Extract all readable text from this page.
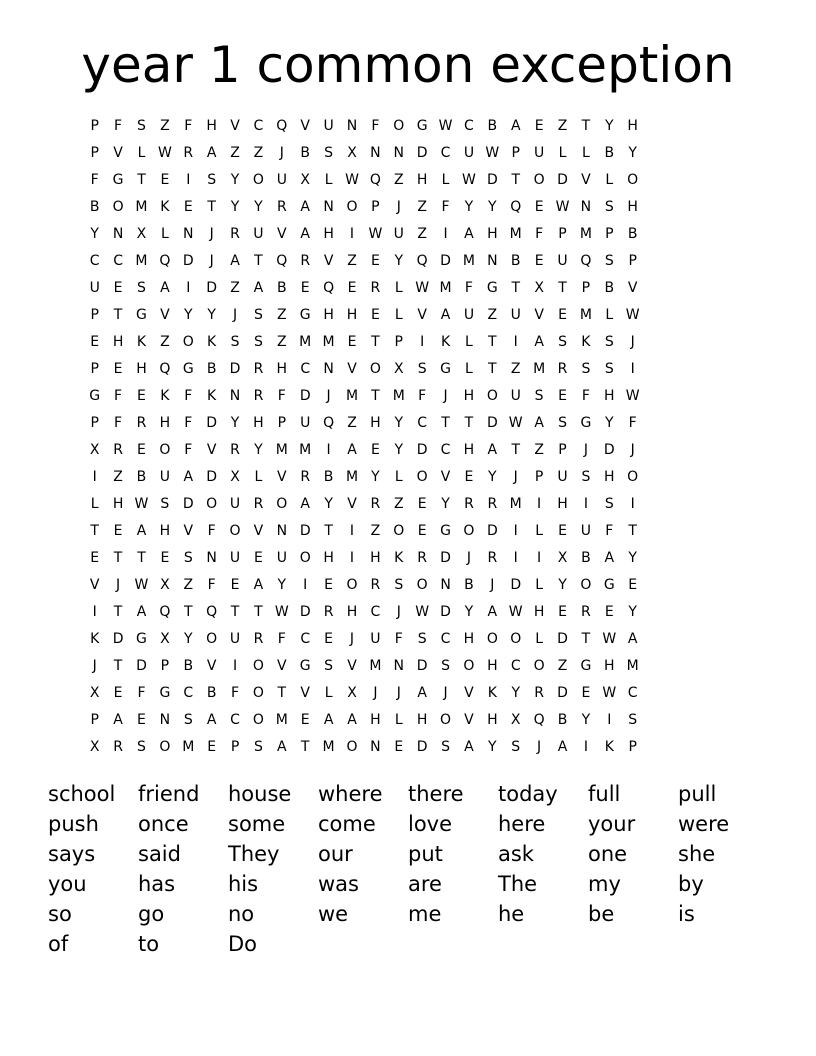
year 1 common exception
P	F	S	Z	F	H V C Q V U N	F O G W C B A	E	Z	T	Y H
P	V	L W R A Z Z	J	B	S	X N N D C U W P	U	L	L	B	Y
F G T	E	I	S	Y O U X	L W Q Z H	L W D T O D V	L O
B O M K	E	T	Y	Y	R A N O P	J	Z	F	Y	Y Q E W N S H
Y N X	L	N	J	R U V A H	I	W U Z	I	A H M F	P M P	B
C C M Q D	J	A	T Q R V Z	E	Y Q D M N B	E U Q S	P
U E	S	A	I	D Z A B	E Q E	R	L W M F G T	X	T	P	B V
P	T G V	Y	Y	J	S	Z G H H E	L	V A U Z U V	E M L W
E H K	Z O K	S	S	Z M M E	T	P	I	K	L	T	I	A	S	K	S	J
P	E H Q G B D R H C N V O X	S G	L	T	Z M R	S	S	I
G F	E	K	F	K N R	F D	J	M T M F	J	H O U S	E	F	H W
P	F	R H	F D Y H P	U Q Z H Y	C	T	T D W A	S G Y	F
X R	E O F	V R	Y M M	I	A	E	Y D C H A	T	Z	P	J	D	J
I	Z B U A D X	L	V R B M Y	L O V	E	Y	J	P	U S H O
L	H W S D O U R O A	Y	V R Z	E	Y	R R M	I	H	I	S	I
T	E	A H V	F O V N D T	I	Z O E G O D	I	L	E U	F	T
E	T	T	E	S N U E U O H	I	H K R D	J	R	I	I	X B A	Y
V	J	W X Z	F	E	A	Y	I	E O R	S O N B	J	D	L	Y O G E
I	T	A Q T Q T	T W D R H C	J	W D Y	A W H E	R	E	Y
K D G X	Y O U R	F	C	E	J	U	F	S	C H O O L	D T W A
J	T D P	B V	I	O V G S	V M N D S O H C O Z G H M
X	E	F G C B	F O T	V	L	X	J	J	A	J	V	K	Y	R D E W C
P	A	E N S	A C O M E	A A H	L	H O V H X Q B	Y	I	S
X R	S O M E	P	S	A	T M O N E D S	A	Y	S	J	A	I	K	P
school	friend	house	where	there	today	full	pull
push	once	some	come	love	here	your	were
says	said	They	our	put	ask	one	she
you	has	his	was	are	The	my	by
so	go	no	we	me	he	be	is
of	to	Do
